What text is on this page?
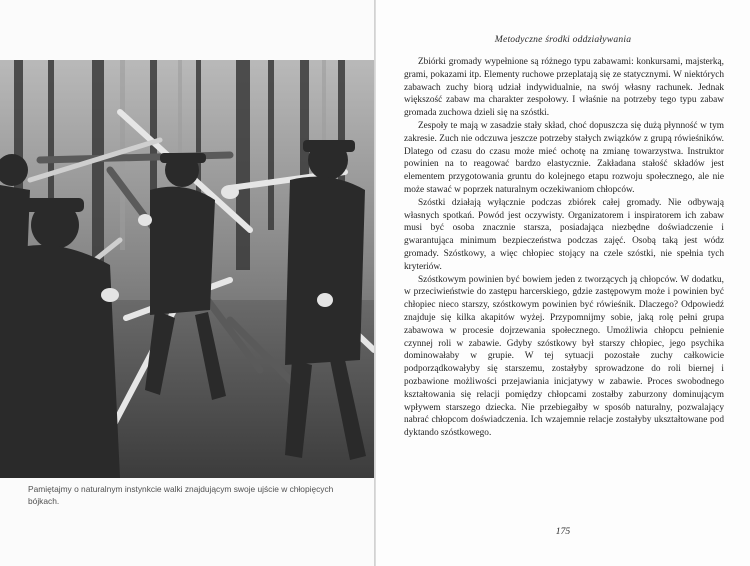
Pamiętajmy o naturalnym instynkcie walki znajdującym swoje ujście w chłopięcych bójkach.
Metodyczne środki oddziaływania

Zbiórki gromady wypełnione są różnego typu zabawami: konkursami, majsterką, grami, pokazami itp. Elementy ruchowe przeplatają się ze statycznymi. W niektórych zabawach zuchy biorą udział indywidualnie, na swój własny rachunek. Jednak większość zabaw ma charakter zespołowy. I właśnie na potrzeby tego typu zabaw gromada zuchowa dzieli się na szóstki.

Zespoły te mają w zasadzie stały skład, choć dopuszcza się dużą płynność w tym zakresie. Zuch nie odczuwa jeszcze potrzeby stałych związków z grupą rówieśników. Dlatego od czasu do czasu może mieć ochotę na zmianę towarzystwa. Instruktor powinien na to reagować bardzo elastycznie. Zakładana stałość składów jest elementem przygotowania gruntu do kolejnego etapu rozwoju społecznego, ale nie może stawać w poprzek naturalnym oczekiwaniom chłopców.

Szóstki działają wyłącznie podczas zbiórek całej gromady. Nie odbywają własnych spotkań. Powód jest oczywisty. Organizatorem i inspiratorem ich zabaw musi być osoba znacznie starsza, posiadająca niezbędne doświadczenie i gwarantująca minimum bezpieczeństwa podczas zajęć. Osobą taką jest wódz gromady. Szóstkowy, a więc chłopiec stojący na czele szóstki, nie spełnia tych kryteriów.

Szóstkowym powinien być bowiem jeden z tworzących ją chłopców. W dodatku, w przeciwieństwie do zastępu harcerskiego, gdzie zastępowym może i powinien być chłopiec nieco starszy, szóstkowym powinien być rówieśnik. Dlaczego? Odpowiedź znajduje się kilka akapitów wyżej. Przypomnijmy sobie, jaką rolę pełni grupa zabawowa w procesie dojrzewania społecznego. Umożliwia chłopcu pełnienie czynnej roli w zabawie. Gdyby szóstkowy był starszy chłopiec, jego psychika dominowałaby w grupie. W tej sytuacji pozostałe zuchy całkowicie podporządkowałyby się starszemu, zostałyby sprowadzone do roli biernej i pozbawione możliwości przejawiania inicjatywy w zabawie. Proces swobodnego kształtowania się relacji pomiędzy chłopcami zostałby zaburzony dominującym wpływem starszego dziecka. Nie przebiegałby w sposób naturalny, pozwalający nabrać chłopcom doświadczenia. Ich wzajemnie relacje zostałyby ukształtowane pod dyktando szóstkowego.

175
